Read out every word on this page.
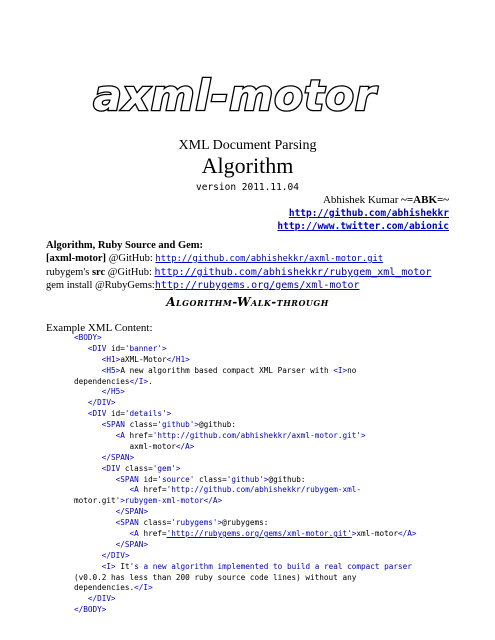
axml-motor
XML Document Parsing
Algorithm
version 2011.11.04
Abhishek Kumar ~=ABK=~
http://github.com/abhishekkr
http://www.twitter.com/abionic
Algorithm, Ruby Source and Gem:
[axml-motor] @GitHub: http://github.com/abhishekkr/axml-motor.git
rubygem's src @GitHub: http://github.com/abhishekkr/rubygem_xml_motor
gem install @RubyGems:http://rubygems.org/gems/xml-motor
Algorithm-Walk-through
Example XML Content:
<BODY>
<DIV id='banner'>
<H1>aXML-Motor</H1>
<H5>A new algorithm based compact XML Parser with <I>no
dependencies</I>.
</H5>
</DIV>
<DIV id='details'>
<SPAN class='github'>@github:
<A href='http://github.com/abhishekkr/axml-motor.git'>
axml-motor</A>
</SPAN>
<DIV class='gem'>
<SPAN id='source' class='github'>@github:
<A href='http://github.com/abhishekkr/rubygem-xml-
motor.git'>rubygem-xml-motor</A>
</SPAN>
<SPAN class='rubygems'>@rubygems:
<A href='http://rubygems.org/gems/xml-motor.git'>xml-motor</A>
</SPAN>
</DIV>
<I> It's a new algorithm implemented to build a real compact parser
(v0.0.2 has less than 200 ruby source code lines) without any
dependencies.</I>
</DIV>
</BODY>
